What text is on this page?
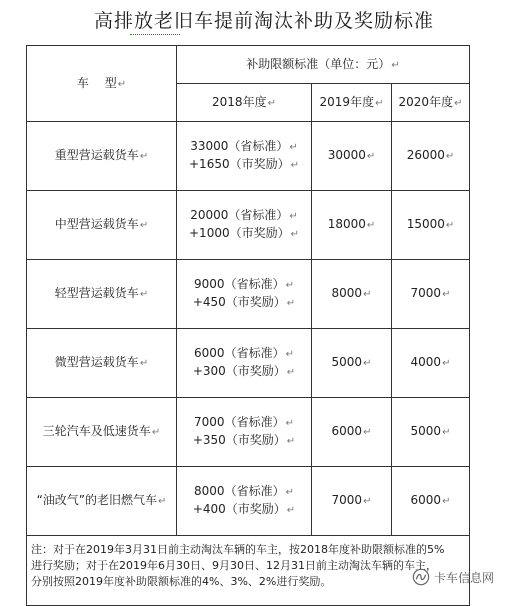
高排放老旧车提前淘汰补助及奖励标准
车　 型↵	补助限额标准（单位：元）↵		
	2018年度↵	2019年度↵	2020年度↵
重型营运载货车↵	33000（省标准）↵
+1650（市奖励）↵	30000↵	26000↵
中型营运载货车↵	20000（省标准）↵
+1000（市奖励）↵	18000↵	15000↵
轻型营运载货车↵	9000（省标准）↵
+450（市奖励）↵	8000↵	7000↵
微型营运载货车↵	6000（省标准）↵
+300（市奖励）↵	5000↵	4000↵
三轮汽车及低速货车↵	7000（省标准）↵
+350（市奖励）↵	6000↵	5000↵
“油改气”的老旧燃气车↵	8000（省标准）↵
+400（市奖励）↵	7000↵	6000↵

注：对于在2019年3月31日前主动淘汰车辆的车主，按2018年度补助限额标准的5%
进行奖励；对于在2019年6月30日、9月30日、12月31日前主动淘汰车辆的车主，
分别按照2019年度补助限额标准的4%、3%、2%进行奖励。				卡车信息网
